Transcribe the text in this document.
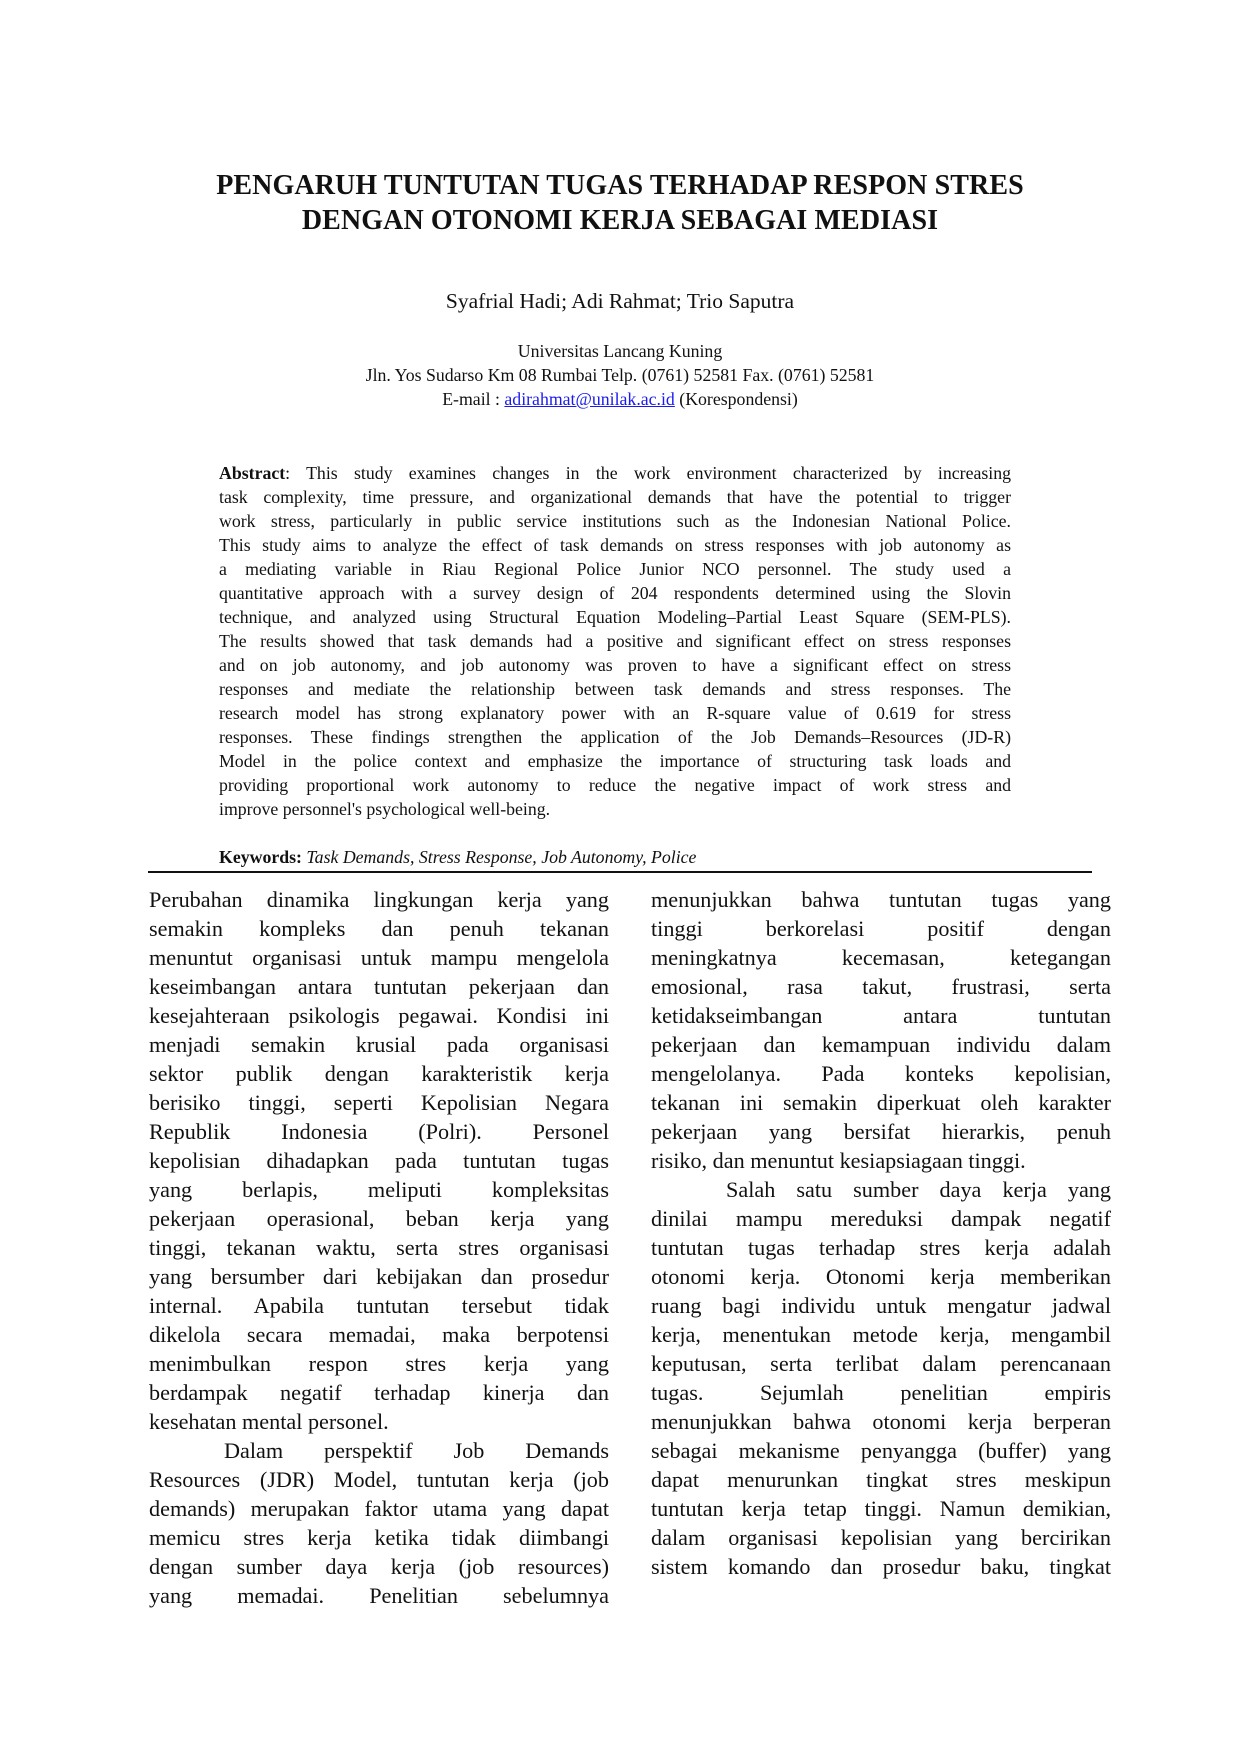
PENGARUH TUNTUTAN TUGAS TERHADAP RESPON STRES
DENGAN OTONOMI KERJA SEBAGAI MEDIASI
Syafrial Hadi; Adi Rahmat; Trio Saputra
Universitas Lancang Kuning
Jln. Yos Sudarso Km 08 Rumbai Telp. (0761) 52581 Fax. (0761) 52581
E-mail : adirahmat@unilak.ac.id (Korespondensi)
Abstract: This study examines changes in the work environment characterized by increasing
task complexity, time pressure, and organizational demands that have the potential to trigger
work stress, particularly in public service institutions such as the Indonesian National Police.
This study aims to analyze the effect of task demands on stress responses with job autonomy as
a mediating variable in Riau Regional Police Junior NCO personnel. The study used a
quantitative approach with a survey design of 204 respondents determined using the Slovin
technique, and analyzed using Structural Equation Modeling–Partial Least Square (SEM-PLS).
The results showed that task demands had a positive and significant effect on stress responses
and on job autonomy, and job autonomy was proven to have a significant effect on stress
responses and mediate the relationship between task demands and stress responses. The
research model has strong explanatory power with an R-square value of 0.619 for stress
responses. These findings strengthen the application of the Job Demands–Resources (JD-R)
Model in the police context and emphasize the importance of structuring task loads and
providing proportional work autonomy to reduce the negative impact of work stress and
improve personnel's psychological well-being.
Keywords: Task Demands, Stress Response, Job Autonomy, Police
Perubahan dinamika lingkungan kerja yang
semakin kompleks dan penuh tekanan
menuntut organisasi untuk mampu mengelola
keseimbangan antara tuntutan pekerjaan dan
kesejahteraan psikologis pegawai. Kondisi ini
menjadi semakin krusial pada organisasi
sektor publik dengan karakteristik kerja
berisiko tinggi, seperti Kepolisian Negara
Republik Indonesia (Polri). Personel
kepolisian dihadapkan pada tuntutan tugas
yang berlapis, meliputi kompleksitas
pekerjaan operasional, beban kerja yang
tinggi, tekanan waktu, serta stres organisasi
yang bersumber dari kebijakan dan prosedur
internal. Apabila tuntutan tersebut tidak
dikelola secara memadai, maka berpotensi
menimbulkan respon stres kerja yang
berdampak negatif terhadap kinerja dan
kesehatan mental personel.
Dalam perspektif Job Demands
Resources (JDR) Model, tuntutan kerja (job
demands) merupakan faktor utama yang dapat
memicu stres kerja ketika tidak diimbangi
dengan sumber daya kerja (job resources)
yang memadai. Penelitian sebelumnya
menunjukkan bahwa tuntutan tugas yang
tinggi berkorelasi positif dengan
meningkatnya kecemasan, ketegangan
emosional, rasa takut, frustrasi, serta
ketidakseimbangan antara tuntutan
pekerjaan dan kemampuan individu dalam
mengelolanya. Pada konteks kepolisian,
tekanan ini semakin diperkuat oleh karakter
pekerjaan yang bersifat hierarkis, penuh
risiko, dan menuntut kesiapsiagaan tinggi.
Salah satu sumber daya kerja yang
dinilai mampu mereduksi dampak negatif
tuntutan tugas terhadap stres kerja adalah
otonomi kerja. Otonomi kerja memberikan
ruang bagi individu untuk mengatur jadwal
kerja, menentukan metode kerja, mengambil
keputusan, serta terlibat dalam perencanaan
tugas. Sejumlah penelitian empiris
menunjukkan bahwa otonomi kerja berperan
sebagai mekanisme penyangga (buffer) yang
dapat menurunkan tingkat stres meskipun
tuntutan kerja tetap tinggi. Namun demikian,
dalam organisasi kepolisian yang bercirikan
sistem komando dan prosedur baku, tingkat
